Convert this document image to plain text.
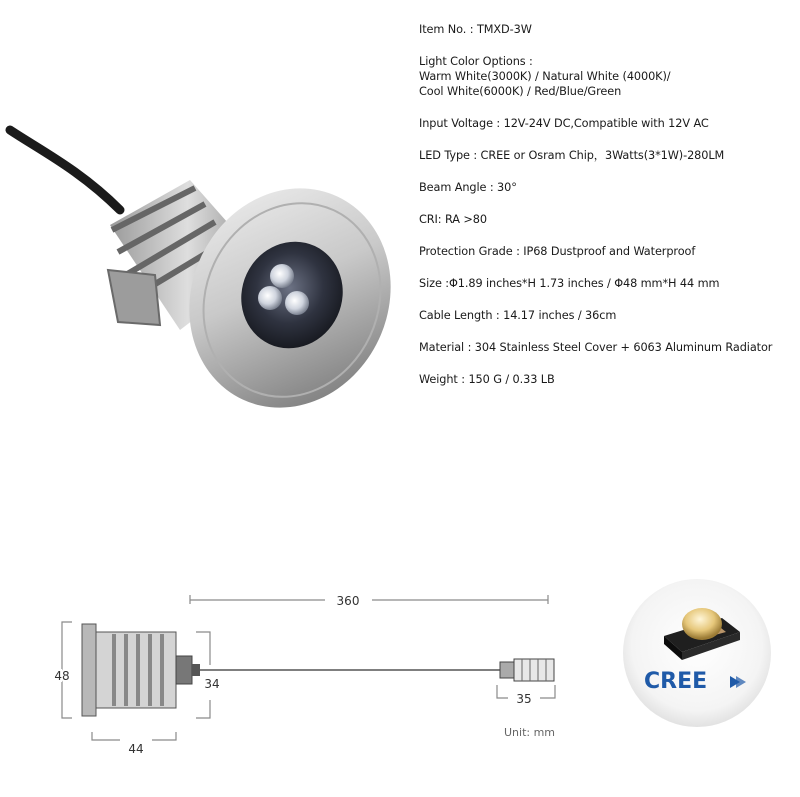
Item No. : TMXD-3W
Light Color Options :
Warm White(3000K) / Natural White (4000K)/
Cool White(6000K) / Red/Blue/Green
Input Voltage : 12V-24V DC,Compatible with 12V AC
LED Type : CREE or Osram Chip，3Watts(3*1W)-280LM
Beam Angle : 30°
CRI: RA >80
Protection Grade : IP68 Dustproof and Waterproof
Size :Φ1.89 inches*H 1.73 inches / Φ48 mm*H 44 mm
Cable Length : 14.17 inches / 36cm
Material : 304 Stainless Steel Cover + 6063 Aluminum Radiator
Weight : 150 G / 0.33 LB
360
48
34
35
44
Unit: mm
CREE
